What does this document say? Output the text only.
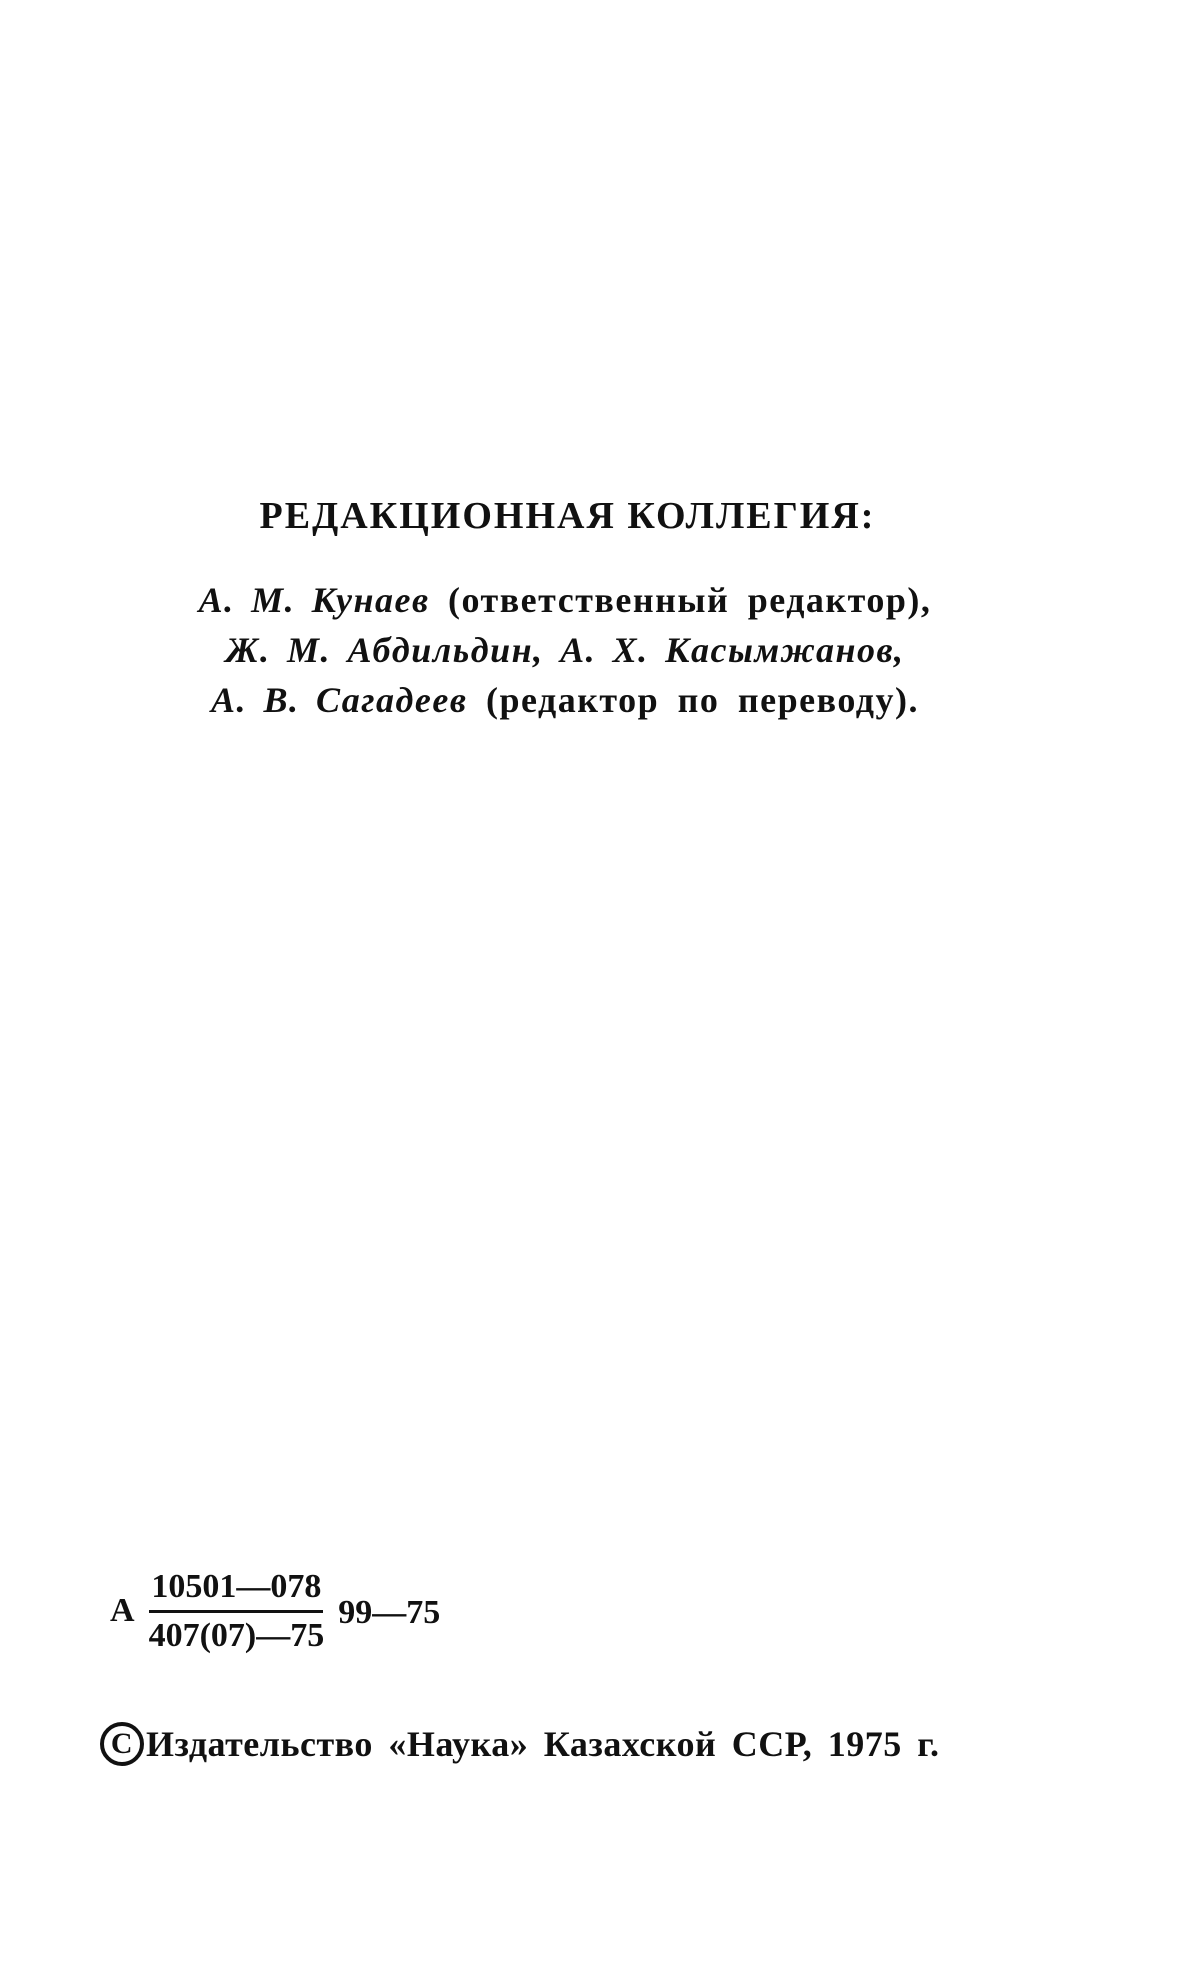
РЕДАКЦИОННАЯ КОЛЛЕГИЯ:
А. М. Кунаев (ответственный редактор),
Ж. М. Абдильдин, А. Х. Касымжанов,
А. В. Сагадеев (редактор по переводу).
А $\frac{10501—078}{407(07)—75}$ 99—75
C Издательство «Наука» Казахской ССР, 1975 г.
